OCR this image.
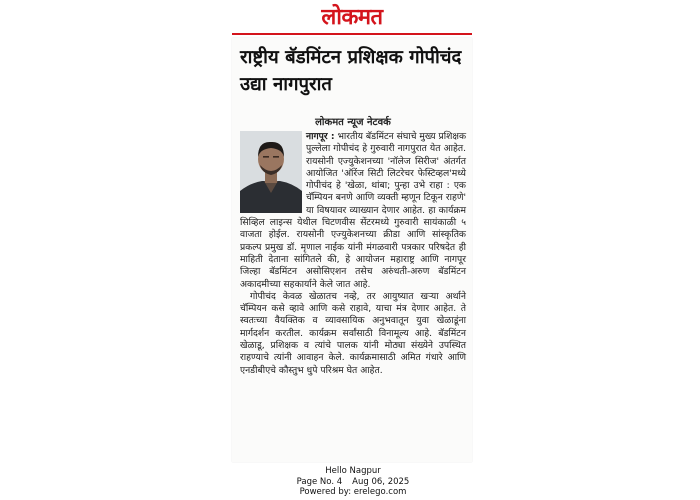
लोकमत
राष्ट्रीय बॅडमिंटन प्रशिक्षक गोपीचंद उद्या नागपुरात
लोकमत न्यूज नेटवर्क

नागपूर : भारतीय बॅडमिंटन संघाचे मुख्य प्रशिक्षक पुल्लेला गोपीचंद हे गुरुवारी नागपुरात येत आहेत. रायसोनी एज्युकेशनच्या 'नॉलेज सिरीज' अंतर्गत आयोजित 'ऑरेंज सिटी लिटरेचर फेस्टिव्हल'मध्ये गोपीचंद हे 'खेळा, थांबा; पुन्हा उभे राहा : एक चॅम्पियन बनणे आणि व्यक्ती म्हणून टिकून राहणे' या विषयावर व्याख्यान देणार आहेत. हा कार्यक्रम सिव्हिल लाइन्स येथील चिटणवीस सेंटरमध्ये गुरुवारी सायंकाळी ५ वाजता होईल. रायसोनी एज्युकेशनच्या क्रीडा आणि सांस्कृतिक प्रकल्प प्रमुख डॉ. मृणाल नाईक यांनी मंगळवारी पत्रकार परिषदेत ही माहिती देताना सांगितले की, हे आयोजन महाराष्ट्र आणि नागपूर जिल्हा बॅडमिंटन असोसिएशन तसेच अरुंधती-अरुण बॅडमिंटन अकादमीच्या सहकार्याने केले जात आहे.

गोपीचंद केवळ खेळातच नव्हे, तर आयुष्यात खऱ्या अर्थाने चॅम्पियन कसे व्हावे आणि कसे राहावे, याचा मंत्र देणार आहेत. ते स्वतःच्या वैयक्तिक व व्यावसायिक अनुभवातून युवा खेळाडूंना मार्गदर्शन करतील. कार्यक्रम सर्वांसाठी विनामूल्य आहे. बॅडमिंटन खेळाडू, प्रशिक्षक व त्यांचे पालक यांनी मोठ्या संख्येने उपस्थित राहण्याचे त्यांनी आवाहन केले. कार्यक्रमासाठी अमित गंधारे आणि एनडीबीएचे कौस्तुभ धुपे परिश्रम घेत आहेत.

Hello Nagpur
Page No. 4 Aug 06, 2025
Powered by: erelego.com
